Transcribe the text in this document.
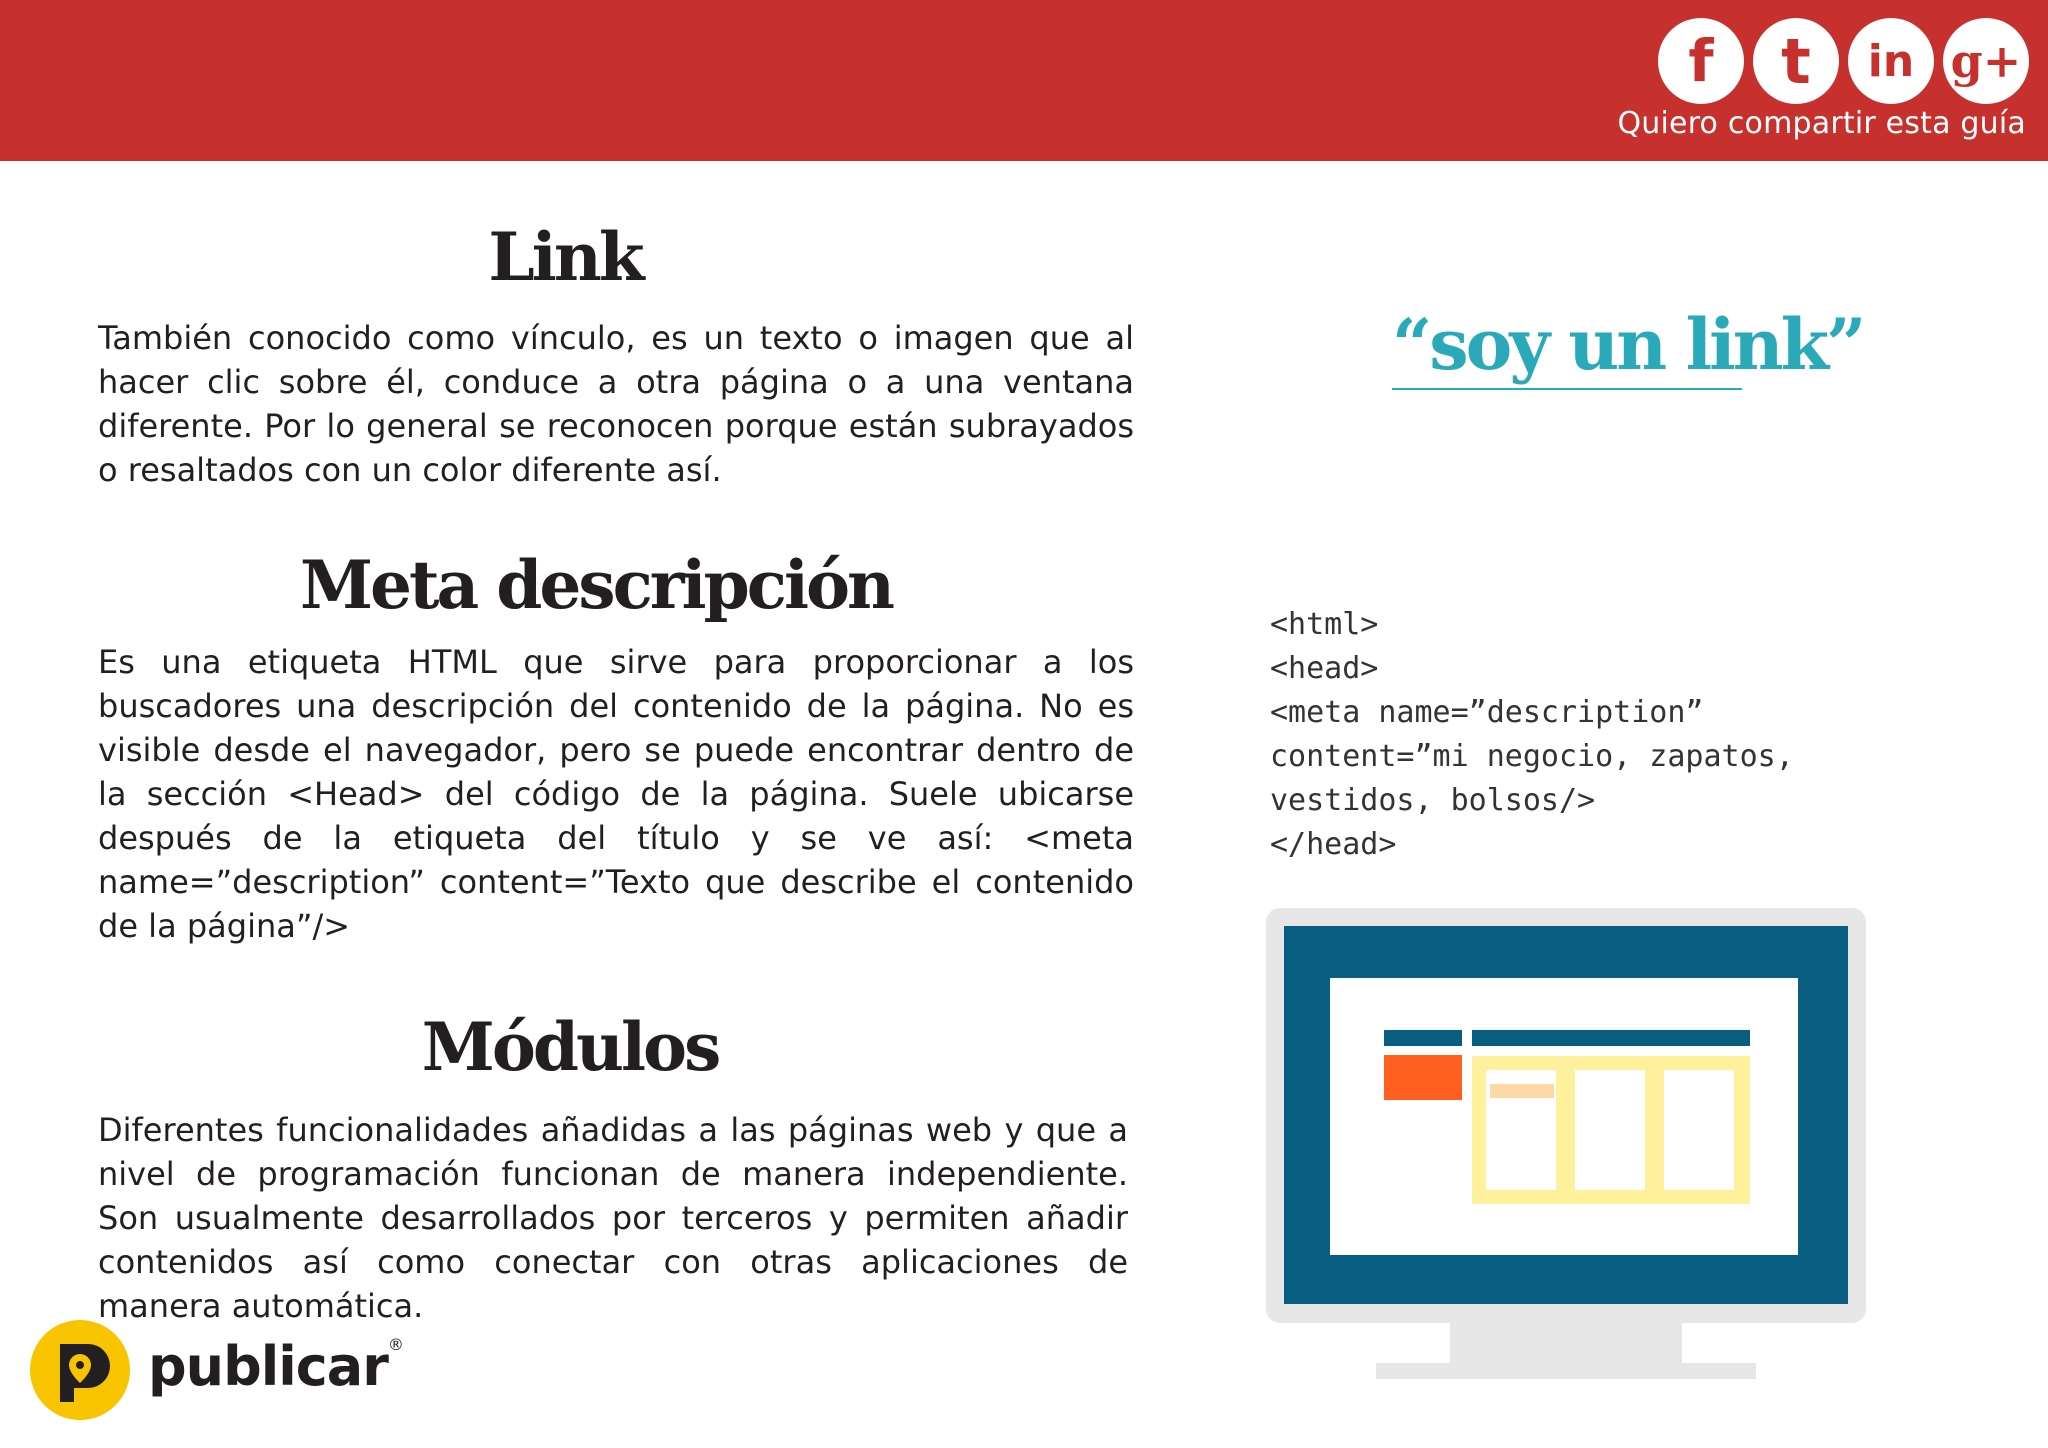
f t in g+
Quiero compartir esta guía
Link
También conocido como vínculo, es un texto o imagen que al hacer clic sobre él, conduce a otra página o a una ventana diferente. Por lo general se reconocen porque están subrayados o resaltados con un color diferente así.
Meta descripción
Es una etiqueta HTML que sirve para proporcionar a los buscadores una descripción del contenido de la página. No es visible desde el navegador, pero se puede encontrar dentro de la sección <Head> del código de la página. Suele ubicarse después de la etiqueta del título y se ve así: <meta name=”description” content=”Texto que describe el contenido de la página”/>
Módulos
Diferentes funcionalidades añadidas a las páginas web y que a nivel de programación funcionan de manera independiente. Son usualmente desarrollados por terceros y permiten añadir contenidos así como conectar con otras aplicaciones de manera automática.
“soy un link”
<html>
<head>
<meta name=”description”
content=”mi negocio, zapatos,
vestidos, bolsos/>
</head>
publicar®
